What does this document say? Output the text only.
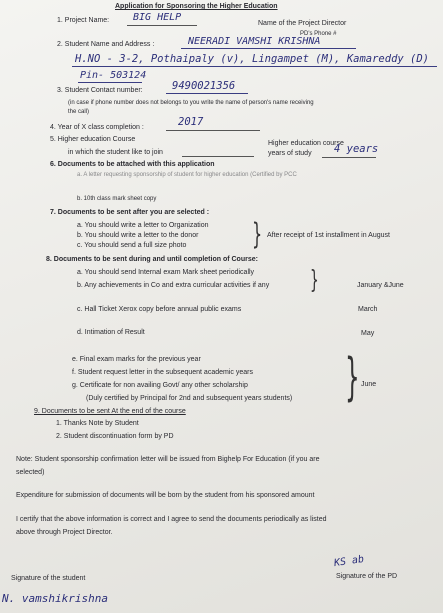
Application for Sponsoring the Higher Education
1. Project Name: BIG HELP
Name of the Project Director
PD's Phone #
2. Student Name and Address :	NEERADI VAMSHI KRISHNA
H.NO - 3-2, Pothaipaly (v), Lingampet (M), Kamareddy (D)
Pin- 503124
3. Student Contact number:	9490021356
(in case if phone number does not belongs to you write the name of person's name receiving
the call)
4. Year of X class completion :	2017
5. Higher education Course
in which the student like to join
Higher education course
years of study 4 years
6. Documents to be attached with this application
a. A letter requesting sponsorship of student for higher education (Certified by PCC
b. 10th class mark sheet copy
7. Documents to be sent after you are selected :
a. You should write a letter to Organization
b. You should write a letter to the donor
c. You should send a full size photo } After receipt of 1st installment in August
8. Documents to be sent during and until completion of Course:
a. You should send Internal exam Mark sheet periodically
b. Any achievements in Co and extra curricular activities if any }	January &June
c. Hall Ticket Xerox copy before annual public exams	March
d. Intimation of Result	May
e. Final exam marks for the previous year
f. Student request letter in the subsequent academic years
g. Certificate for non availing Govt/ any other scholarship
(Duly certified by Principal for 2nd and subsequent years students) } June
9. Documents to be sent At the end of the course
1. Thanks Note by Student
2. Student discontinuation form by PD
Note: Student sponsorship confirmation letter will be issued from Bighelp For Education (if you are
selected)
Expenditure for submission of documents will be born by the student from his sponsored amount
I certify that the above information is correct and I agree to send the documents periodically as listed
above through Project Director.
KS ab
Signature of the PD
Signature of the student
N. vamshikrishna
